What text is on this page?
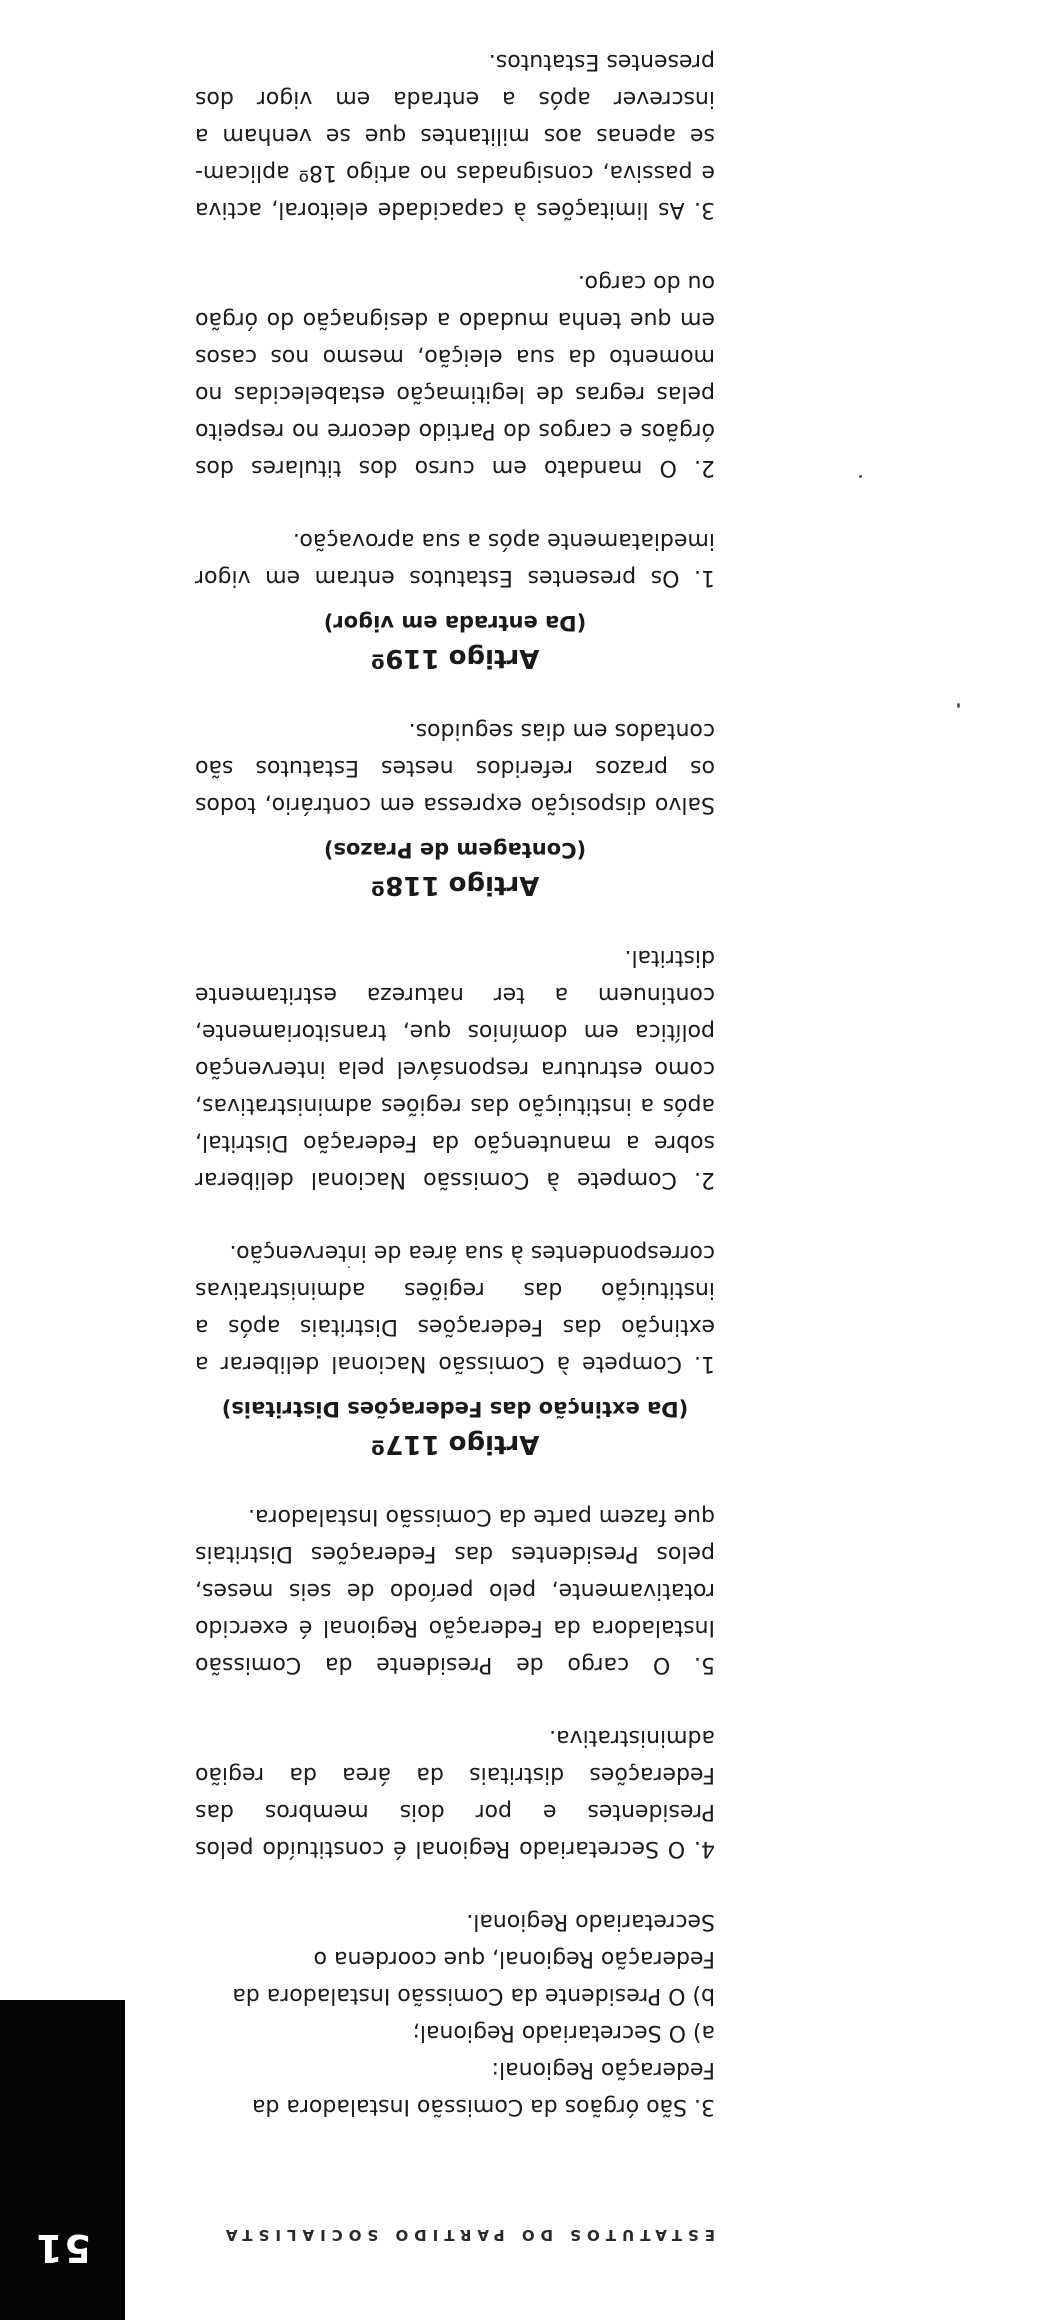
51	ESTATUTOS DO PARTIDO SOCIALISTA

3. São órgãos da Comissão Instaladora da Federação Regional:
a) O Secretariado Regional;
b) O Presidente da Comissão Instaladora da Federação Regional, que coordena o Secretariado Regional.

4. O Secretariado Regional é constituído pelos Presidentes e por dois membros das Federações distritais da área da região administrativa.

5. O cargo de Presidente da Comissão Instaladora da Federação Regional é exercido rotativamente, pelo período de seis meses, pelos Presidentes das Federações Distritais que fazem parte da Comissão Instaladora.

Artigo 117º
(Da extinção das Federações Distritais)

1. Compete à Comissão Nacional deliberar a extinção das Federações Distritais após a instituição das regiões administrativas correspondentes à sua área de intervenção.

2. Compete à Comissão Nacional deliberar sobre a manutenção da Federação Distrital, após a instituição das regiões administrativas, como estrutura responsável pela intervenção política em domínios que, transitoriamente, continuem a ter natureza estritamente distrital.

Artigo 118º
(Contagem de Prazos)

Salvo disposição expressa em contrário, todos os prazos referidos nestes Estatutos são contados em dias seguidos.

Artigo 119º
(Da entrada em vigor)

1. Os presentes Estatutos entram em vigor imediatamente após a sua aprovação.

2. O mandato em curso dos titulares dos órgãos e cargos do Partido decorre no respeito pelas regras de legitimação estabelecidas no momento da sua eleição, mesmo nos casos em que tenha mudado a designação do órgão ou do cargo.

3. As limitações à capacidade eleitoral, activa e passiva, consignadas no artigo 18º aplicam-se apenas aos militantes que se venham a inscrever após a entrada em vigor dos presentes Estatutos.
